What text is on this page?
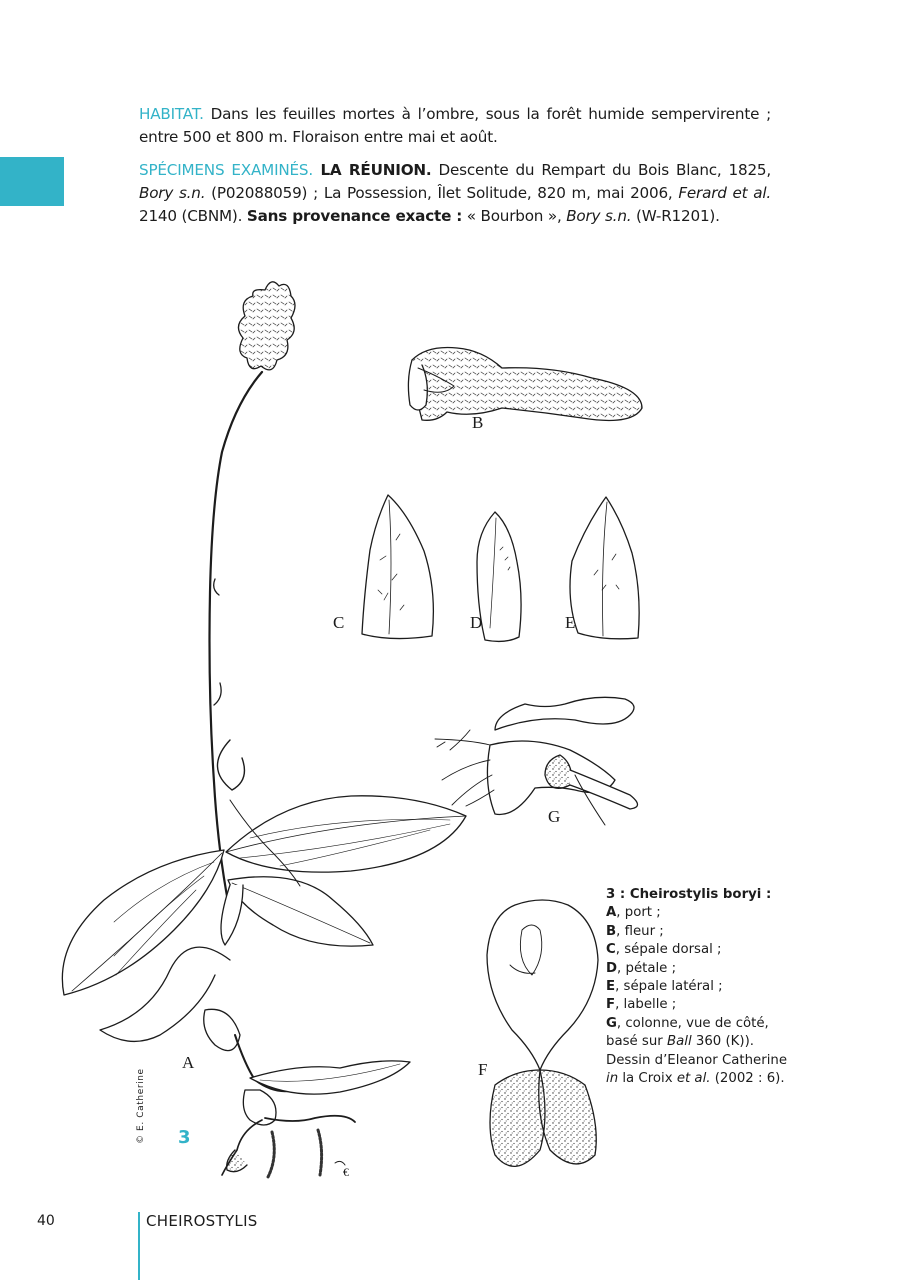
HABITAT. Dans les feuilles mortes à l’ombre, sous la forêt humide sempervirente ; entre 500 et 800 m. Floraison entre mai et août.

SPÉCIMENS EXAMINÉS. LA RÉUNION. Descente du Rempart du Bois Blanc, 1825, Bory s.n. (P02088059) ; La Possession, Îlet Solitude, 820 m, mai 2006, Ferard et al. 2140 (CBNM). Sans provenance exacte : « Bourbon », Bory s.n. (W-R1201).

B
C	D	E
G
A	F
€
3 : Cheirostylis boryi :
A, port ;
B, fleur ;
C, sépale dorsal ;
D, pétale ;
E, sépale latéral ;
F, labelle ;
G, colonne, vue de côté,
basé sur Ball 360 (K)).
Dessin d’Eleanor Catherine
in la Croix et al. (2002 : 6).
© E. Catherine 3
40	CHEIROSTYLIS
